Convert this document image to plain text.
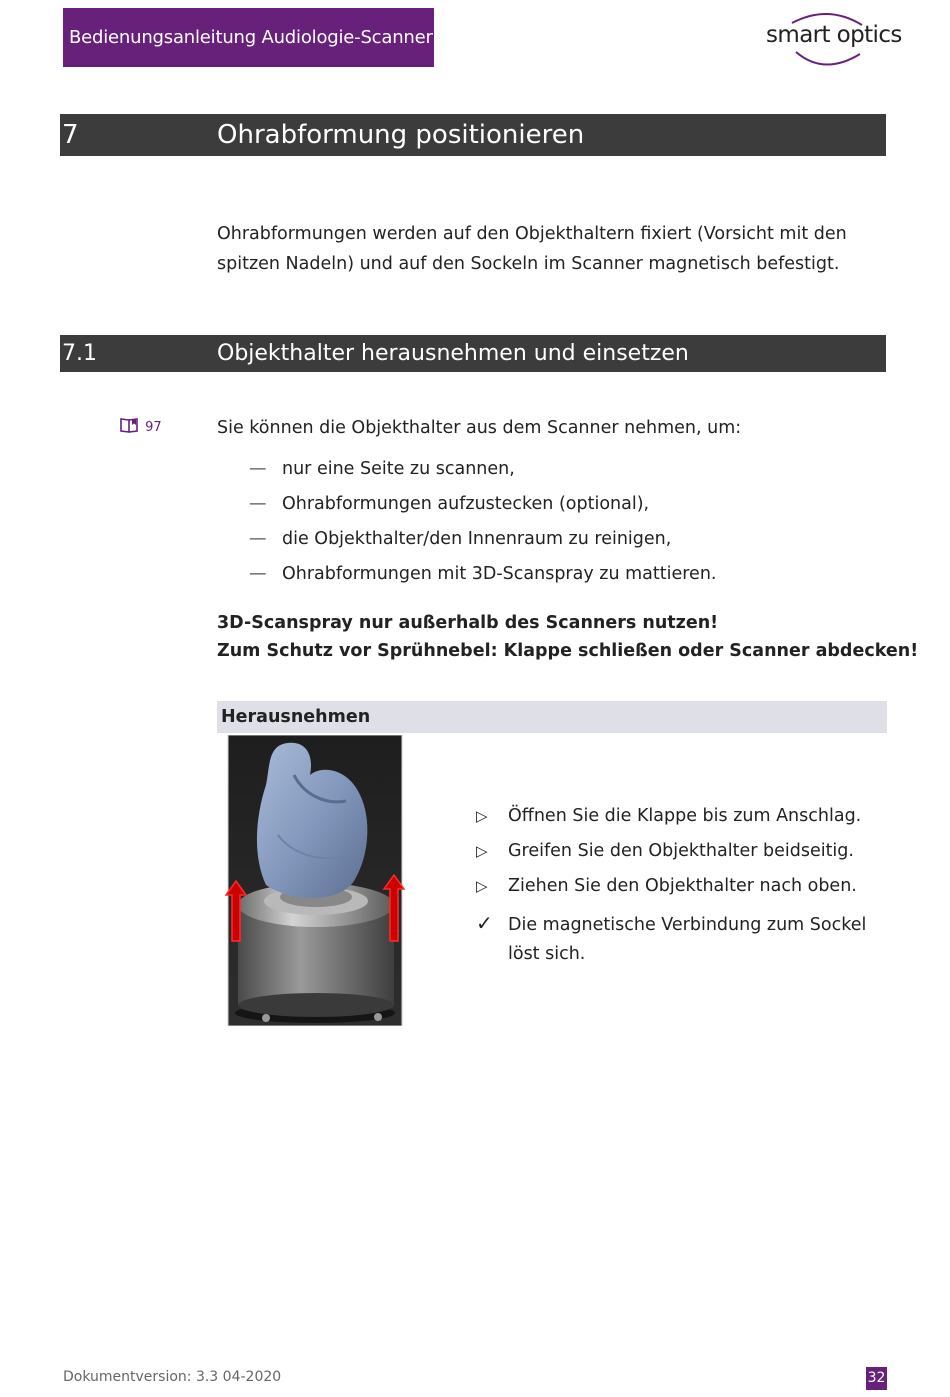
Bedienungsanleitung Audiologie-Scanner	smart optics
7	Ohrabformung positionieren
Ohrabformungen werden auf den Objekthaltern fixiert (Vorsicht mit den spitzen Nadeln) und auf den Sockeln im Scanner magnetisch befestigt.
7.1	Objekthalter herausnehmen und einsetzen
97	Sie können die Objekthalter aus dem Scanner nehmen, um:
— nur eine Seite zu scannen,
— Ohrabformungen aufzustecken (optional),
— die Objekthalter/den Innenraum zu reinigen,
— Ohrabformungen mit 3D-Scanspray zu mattieren.
3D-Scanspray nur außerhalb des Scanners nutzen!
Zum Schutz vor Sprühnebel: Klappe schließen oder Scanner abdecken!
Herausnehmen
▷ Öffnen Sie die Klappe bis zum Anschlag.
▷ Greifen Sie den Objekthalter beidseitig.
▷ Ziehen Sie den Objekthalter nach oben.
✓ Die magnetische Verbindung zum Sockel löst sich.
Dokumentversion: 3.3 04-2020	32
